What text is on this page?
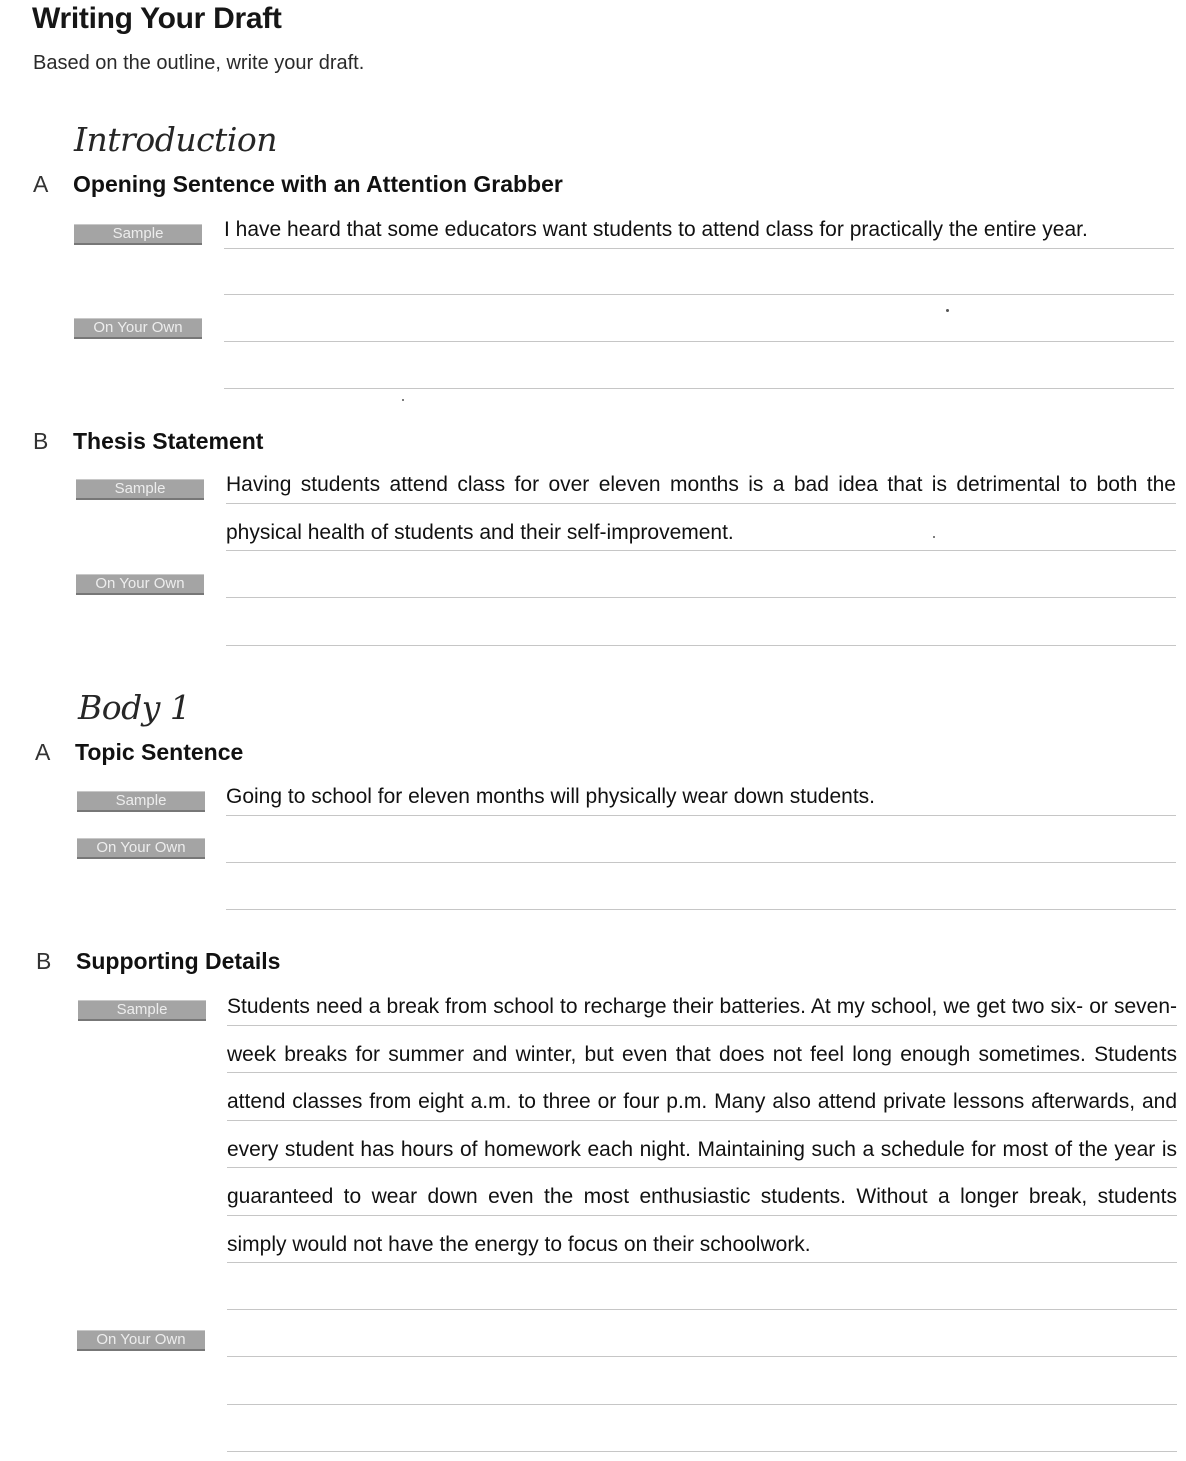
Writing Your Draft
Based on the outline, write your draft.
Introduction
A Opening Sentence with an Attention Grabber
Sample	I have heard that some educators want students to attend class for practically the entire year.
On Your Own
B Thesis Statement
Sample	Having students attend class for over eleven months is a bad idea that is detrimental to both the physical health of students and their self-improvement.
On Your Own
Body 1
A Topic Sentence
Sample	Going to school for eleven months will physically wear down students.
On Your Own
B Supporting Details
Sample	Students need a break from school to recharge their batteries. At my school, we get two six- or seven-week breaks for summer and winter, but even that does not feel long enough sometimes. Students attend classes from eight a.m. to three or four p.m. Many also attend private lessons afterwards, and every student has hours of homework each night. Maintaining such a schedule for most of the year is guaranteed to wear down even the most enthusiastic students. Without a longer break, students simply would not have the energy to focus on their schoolwork.
On Your Own
